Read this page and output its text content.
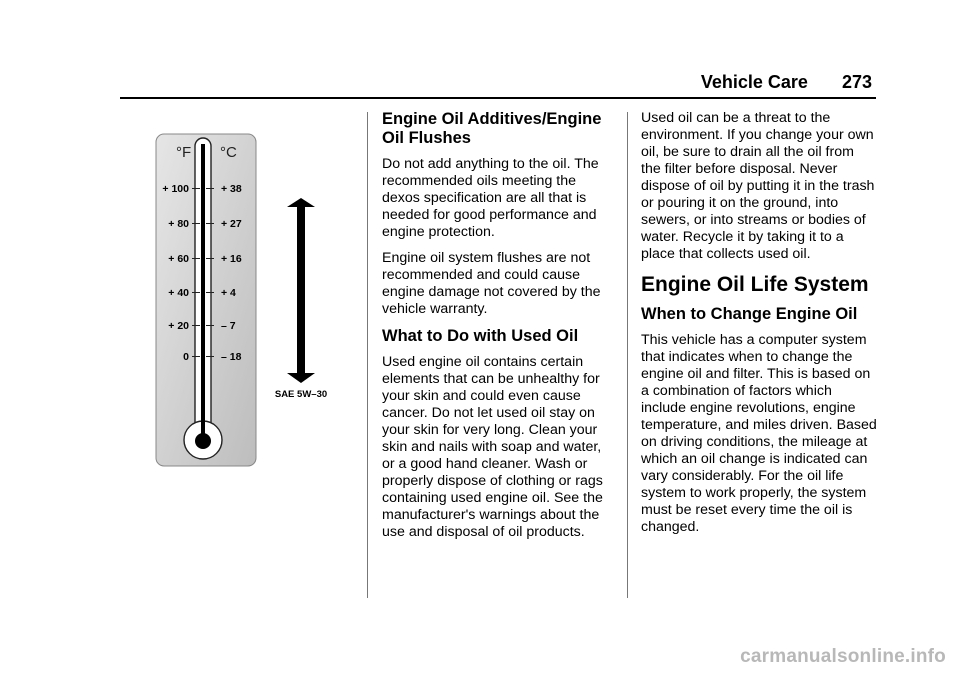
Vehicle Care 273
°F °C
+ 100	+ 38
+ 80	+ 27
+ 60	+ 16
+ 40	+ 4
+ 20	– 7
0	– 18
SAE 5W–30
Engine Oil Additives/Engine Oil Flushes

Do not add anything to the oil. The recommended oils meeting the dexos specification are all that is needed for good performance and engine protection.

Engine oil system flushes are not recommended and could cause engine damage not covered by the vehicle warranty.

What to Do with Used Oil

Used engine oil contains certain elements that can be unhealthy for your skin and could even cause cancer. Do not let used oil stay on your skin for very long. Clean your skin and nails with soap and water, or a good hand cleaner. Wash or properly dispose of clothing or rags containing used engine oil. See the manufacturer's warnings about the use and disposal of oil products.

Used oil can be a threat to the environment. If you change your own oil, be sure to drain all the oil from the filter before disposal. Never dispose of oil by putting it in the trash or pouring it on the ground, into sewers, or into streams or bodies of water. Recycle it by taking it to a place that collects used oil.

Engine Oil Life System
When to Change Engine Oil

This vehicle has a computer system that indicates when to change the engine oil and filter. This is based on a combination of factors which include engine revolutions, engine temperature, and miles driven. Based on driving conditions, the mileage at which an oil change is indicated can vary considerably. For the oil life system to work properly, the system must be reset every time the oil is changed.

carmanualsonline.info
